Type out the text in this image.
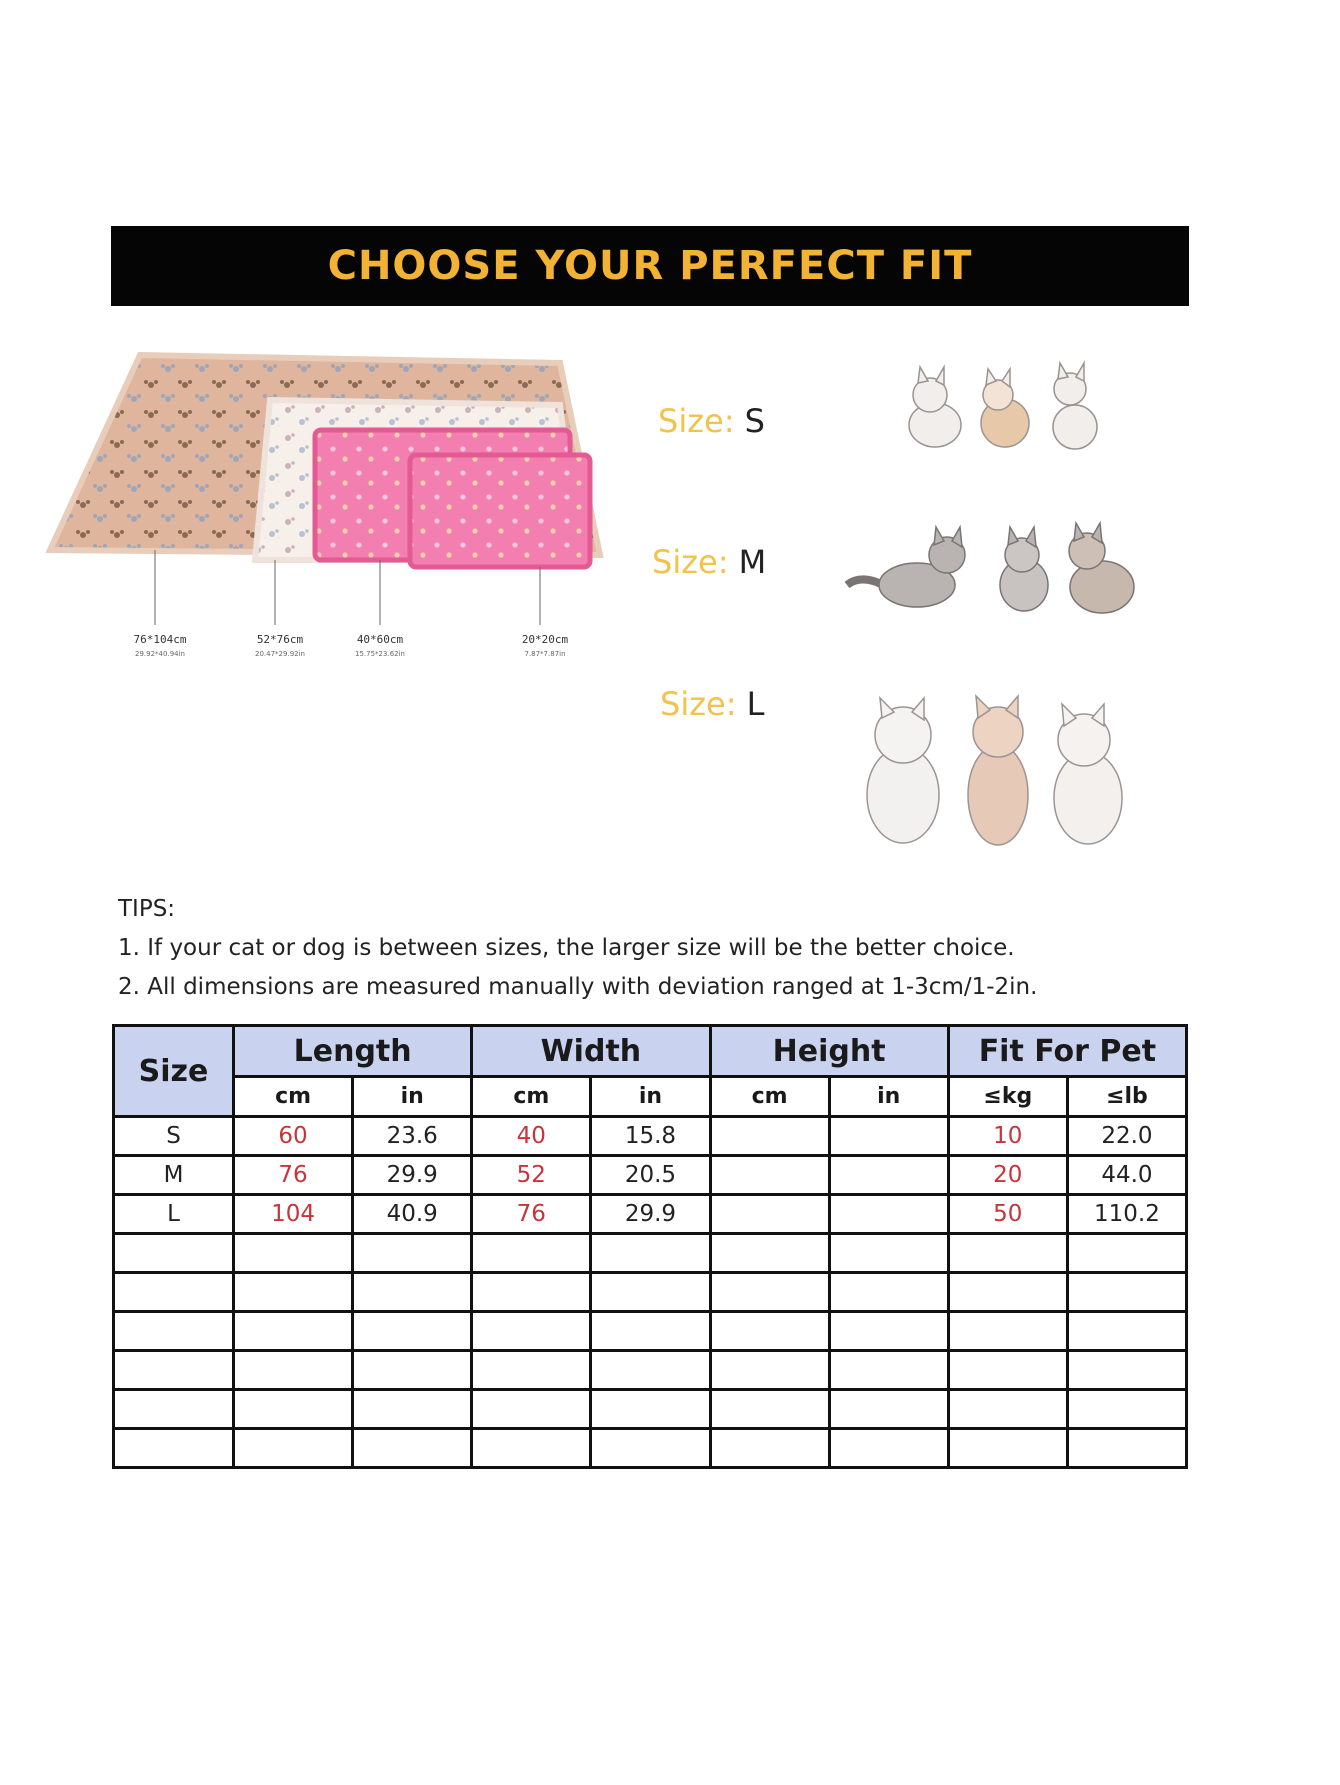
CHOOSE YOUR PERFECT FIT
76*104cm
29.92*40.94in
52*76cm
20.47*29.92in
40*60cm
15.75*23.62in
20*20cm
7.87*7.87in
Size: S
Size: M
Size: L
TIPS:
1. If your cat or dog is between sizes, the larger size will be the better choice.
2. All dimensions are measured manually with deviation ranged at 1-3cm/1-2in.
Size	Length		Width		Height		Fit For Pet	
	cm	in	cm	in	cm	in	≤kg	≤lb
S	60	23.6	40	15.8			10	22.0
M	76	29.9	52	20.5			20	44.0
L	104	40.9	76	29.9			50	110.2
